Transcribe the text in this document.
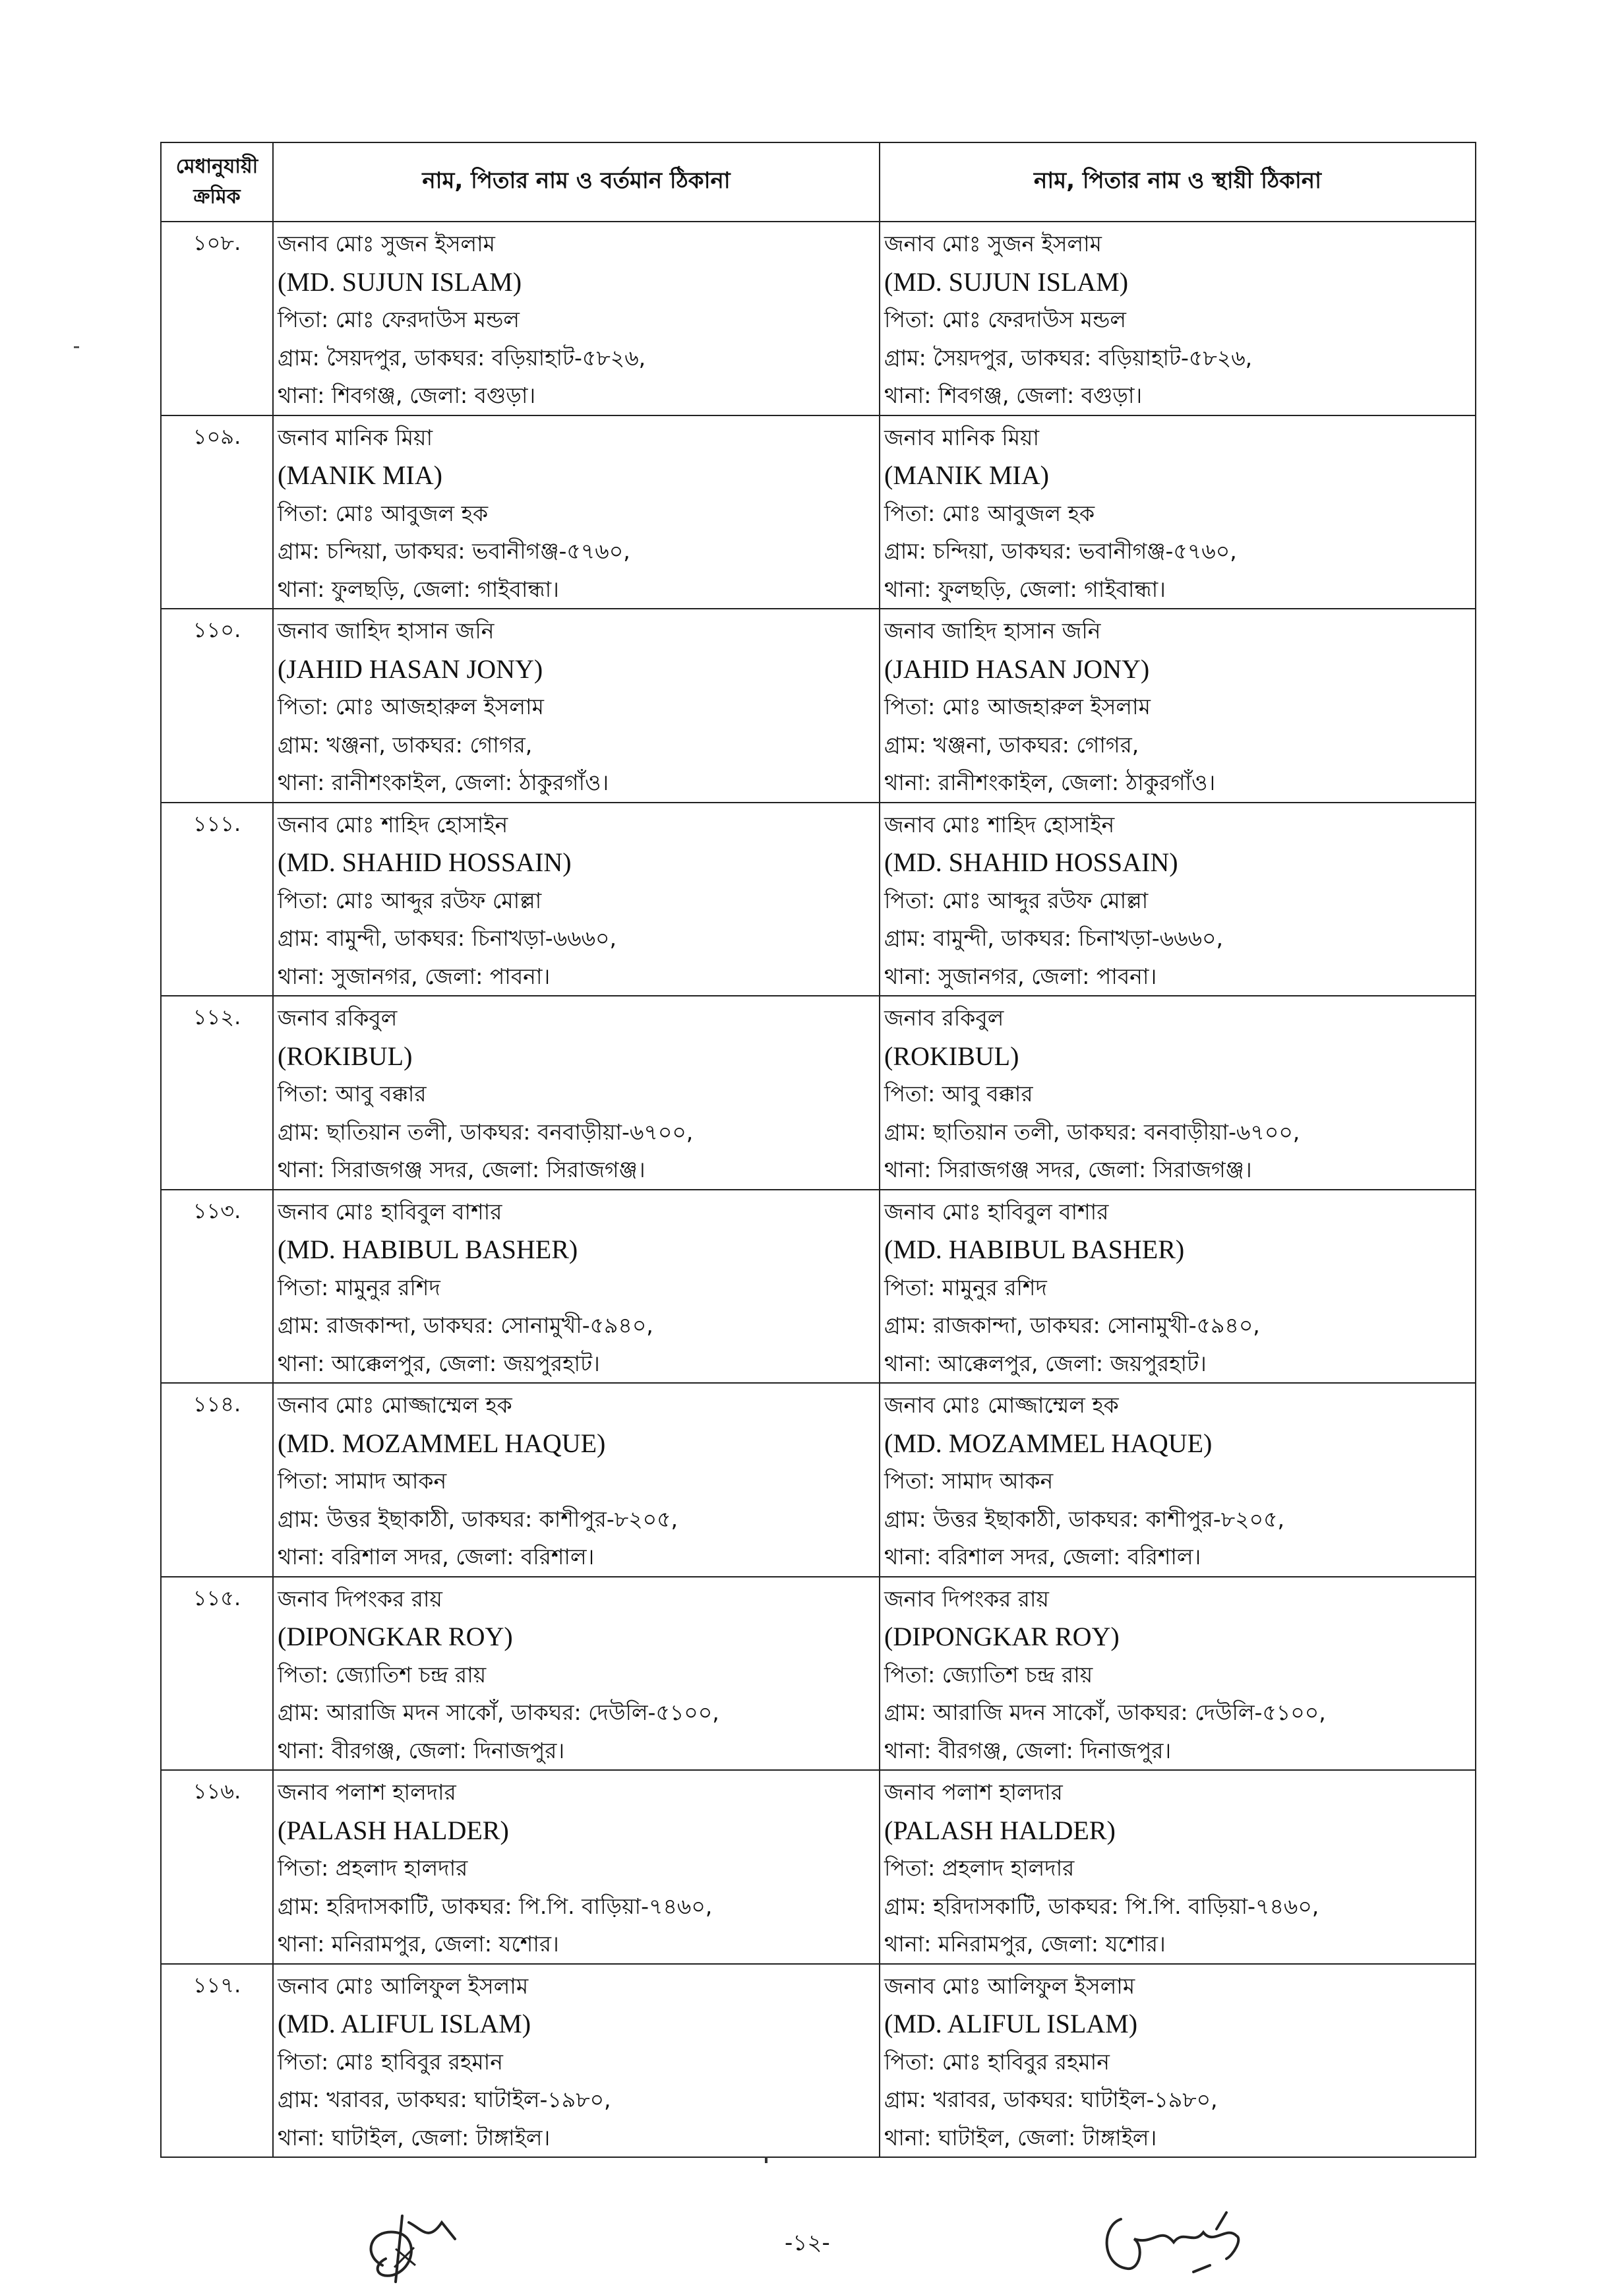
মেধানুযায়ী
ক্রমিক	নাম, পিতার নাম ও বর্তমান ঠিকানা	নাম, পিতার নাম ও স্থায়ী ঠিকানা
১০৮.	জনাব মোঃ সুজন ইসলাম
(MD. SUJUN ISLAM)
পিতা: মোঃ ফেরদাউস মন্ডল
গ্রাম: সৈয়দপুর, ডাকঘর: বড়িয়াহাট-৫৮২৬,
থানা: শিবগঞ্জ, জেলা: বগুড়া।	জনাব মোঃ সুজন ইসলাম
(MD. SUJUN ISLAM)
পিতা: মোঃ ফেরদাউস মন্ডল
গ্রাম: সৈয়দপুর, ডাকঘর: বড়িয়াহাট-৫৮২৬,
থানা: শিবগঞ্জ, জেলা: বগুড়া।

১০৯.	জনাব মানিক মিয়া
(MANIK MIA)
পিতা: মোঃ আবুজল হক
গ্রাম: চন্দিয়া, ডাকঘর: ভবানীগঞ্জ-৫৭৬০,
থানা: ফুলছড়ি, জেলা: গাইবান্ধা।	জনাব মানিক মিয়া
(MANIK MIA)
পিতা: মোঃ আবুজল হক
গ্রাম: চন্দিয়া, ডাকঘর: ভবানীগঞ্জ-৫৭৬০,
থানা: ফুলছড়ি, জেলা: গাইবান্ধা।

১১০.	জনাব জাহিদ হাসান জনি
(JAHID HASAN JONY)
পিতা: মোঃ আজহারুল ইসলাম
গ্রাম: খঞ্জনা, ডাকঘর: গোগর,
থানা: রানীশংকাইল, জেলা: ঠাকুরগাঁও।	জনাব জাহিদ হাসান জনি
(JAHID HASAN JONY)
পিতা: মোঃ আজহারুল ইসলাম
গ্রাম: খঞ্জনা, ডাকঘর: গোগর,
থানা: রানীশংকাইল, জেলা: ঠাকুরগাঁও।

১১১.	জনাব মোঃ শাহিদ হোসাইন
(MD. SHAHID HOSSAIN)
পিতা: মোঃ আব্দুর রউফ মোল্লা
গ্রাম: বামুন্দী, ডাকঘর: চিনাখড়া-৬৬৬০,
থানা: সুজানগর, জেলা: পাবনা।	জনাব মোঃ শাহিদ হোসাইন
(MD. SHAHID HOSSAIN)
পিতা: মোঃ আব্দুর রউফ মোল্লা
গ্রাম: বামুন্দী, ডাকঘর: চিনাখড়া-৬৬৬০,
থানা: সুজানগর, জেলা: পাবনা।

১১২.	জনাব রকিবুল
(ROKIBUL)
পিতা: আবু বক্কার
গ্রাম: ছাতিয়ান তলী, ডাকঘর: বনবাড়ীয়া-৬৭০০,
থানা: সিরাজগঞ্জ সদর, জেলা: সিরাজগঞ্জ।	জনাব রকিবুল
(ROKIBUL)
পিতা: আবু বক্কার
গ্রাম: ছাতিয়ান তলী, ডাকঘর: বনবাড়ীয়া-৬৭০০,
থানা: সিরাজগঞ্জ সদর, জেলা: সিরাজগঞ্জ।

১১৩.	জনাব মোঃ হাবিবুল বাশার
(MD. HABIBUL BASHER)
পিতা: মামুনুর রশিদ
গ্রাম: রাজকান্দা, ডাকঘর: সোনামুখী-৫৯৪০,
থানা: আক্কেলপুর, জেলা: জয়পুরহাট।	জনাব মোঃ হাবিবুল বাশার
(MD. HABIBUL BASHER)
পিতা: মামুনুর রশিদ
গ্রাম: রাজকান্দা, ডাকঘর: সোনামুখী-৫৯৪০,
থানা: আক্কেলপুর, জেলা: জয়পুরহাট।

১১৪.	জনাব মোঃ মোজ্জাম্মেল হক
(MD. MOZAMMEL HAQUE)
পিতা: সামাদ আকন
গ্রাম: উত্তর ইছাকাঠী, ডাকঘর: কাশীপুর-৮২০৫,
থানা: বরিশাল সদর, জেলা: বরিশাল।	জনাব মোঃ মোজ্জাম্মেল হক
(MD. MOZAMMEL HAQUE)
পিতা: সামাদ আকন
গ্রাম: উত্তর ইছাকাঠী, ডাকঘর: কাশীপুর-৮২০৫,
থানা: বরিশাল সদর, জেলা: বরিশাল।

১১৫.	জনাব দিপংকর রায়
(DIPONGKAR ROY)
পিতা: জ্যোতিশ চন্দ্র রায়
গ্রাম: আরাজি মদন সাকোঁ, ডাকঘর: দেউলি-৫১০০,
থানা: বীরগঞ্জ, জেলা: দিনাজপুর।	জনাব দিপংকর রায়
(DIPONGKAR ROY)
পিতা: জ্যোতিশ চন্দ্র রায়
গ্রাম: আরাজি মদন সাকোঁ, ডাকঘর: দেউলি-৫১০০,
থানা: বীরগঞ্জ, জেলা: দিনাজপুর।

১১৬.	জনাব পলাশ হালদার
(PALASH HALDER)
পিতা: প্রহলাদ হালদার
গ্রাম: হরিদাসকাটি, ডাকঘর: পি.পি. বাড়িয়া-৭৪৬০,
থানা: মনিরামপুর, জেলা: যশোর।	জনাব পলাশ হালদার
(PALASH HALDER)
পিতা: প্রহলাদ হালদার
গ্রাম: হরিদাসকাটি, ডাকঘর: পি.পি. বাড়িয়া-৭৪৬০,
থানা: মনিরামপুর, জেলা: যশোর।

১১৭.	জনাব মোঃ আলিফুল ইসলাম
(MD. ALIFUL ISLAM)
পিতা: মোঃ হাবিবুর রহমান
গ্রাম: খরাবর, ডাকঘর: ঘাটাইল-১৯৮০,
থানা: ঘাটাইল, জেলা: টাঙ্গাইল।	জনাব মোঃ আলিফুল ইসলাম
(MD. ALIFUL ISLAM)
পিতা: মোঃ হাবিবুর রহমান
গ্রাম: খরাবর, ডাকঘর: ঘাটাইল-১৯৮০,
থানা: ঘাটাইল, জেলা: টাঙ্গাইল।
-১২-
